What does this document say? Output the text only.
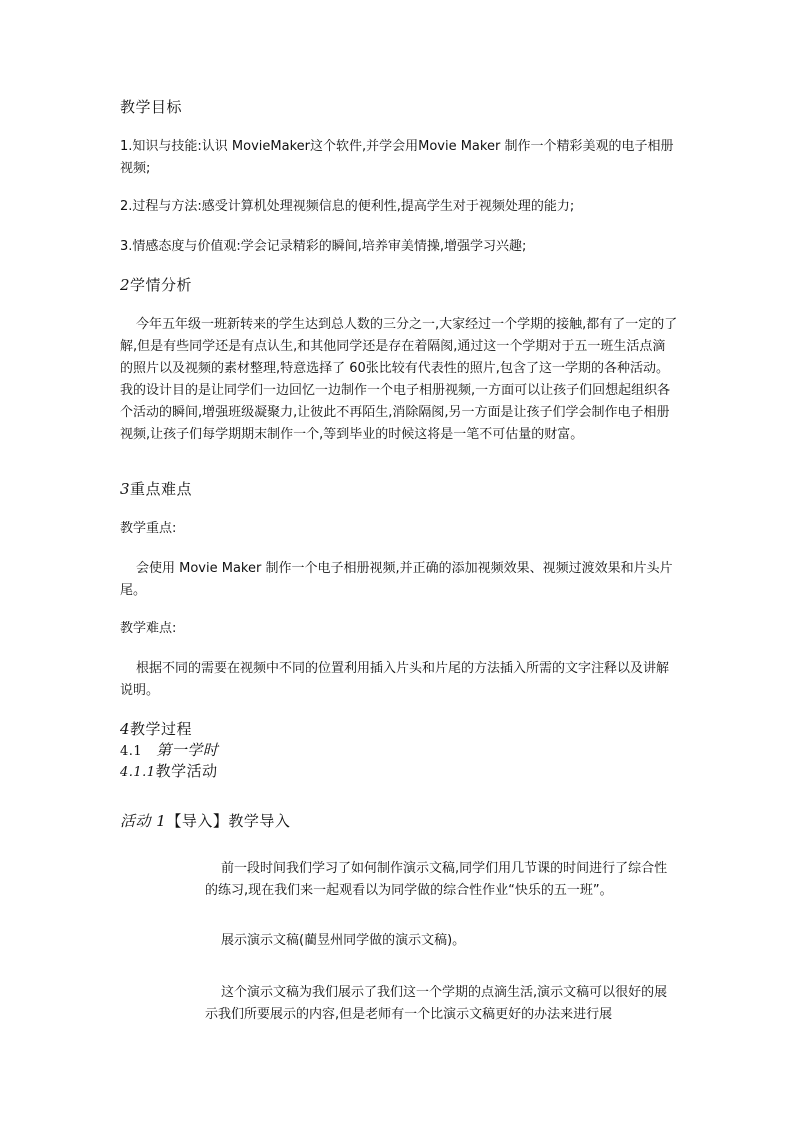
教学目标

1.知识与技能:认识 MovieMaker这个软件,并学会用Movie Maker 制作一个精彩美观的电子相册视频;

2.过程与方法:感受计算机处理视频信息的便利性,提高学生对于视频处理的能力;

3.情感态度与价值观:学会记录精彩的瞬间,培养审美情操,增强学习兴趣;

2学情分析

今年五年级一班新转来的学生达到总人数的三分之一,大家经过一个学期的接触,都有了一定的了解,但是有些同学还是有点认生,和其他同学还是存在着隔阂,通过这一个学期对于五一班生活点滴的照片以及视频的素材整理,特意选择了 60张比较有代表性的照片,包含了这一学期的各种活动。我的设计目的是让同学们一边回忆一边制作一个电子相册视频,一方面可以让孩子们回想起组织各个活动的瞬间,增强班级凝聚力,让彼此不再陌生,消除隔阂,另一方面是让孩子们学会制作电子相册视频,让孩子们每学期期末制作一个,等到毕业的时候这将是一笔不可估量的财富。

3重点难点

教学重点:

会使用 Movie Maker 制作一个电子相册视频,并正确的添加视频效果、视频过渡效果和片头片尾。

教学难点:

根据不同的需要在视频中不同的位置利用插入片头和片尾的方法插入所需的文字注释以及讲解说明。

4教学过程
4.1 第一学时
4.1.1教学活动
活动 1【导入】教学导入

前一段时间我们学习了如何制作演示文稿,同学们用几节课的时间进行了综合性的练习,现在我们来一起观看以为同学做的综合性作业“快乐的五一班”。

展示演示文稿(藺昱州同学做的演示文稿)。

这个演示文稿为我们展示了我们这一个学期的点滴生活,演示文稿可以很好的展示我们所要展示的内容,但是老师有一个比演示文稿更好的办法来进行展
